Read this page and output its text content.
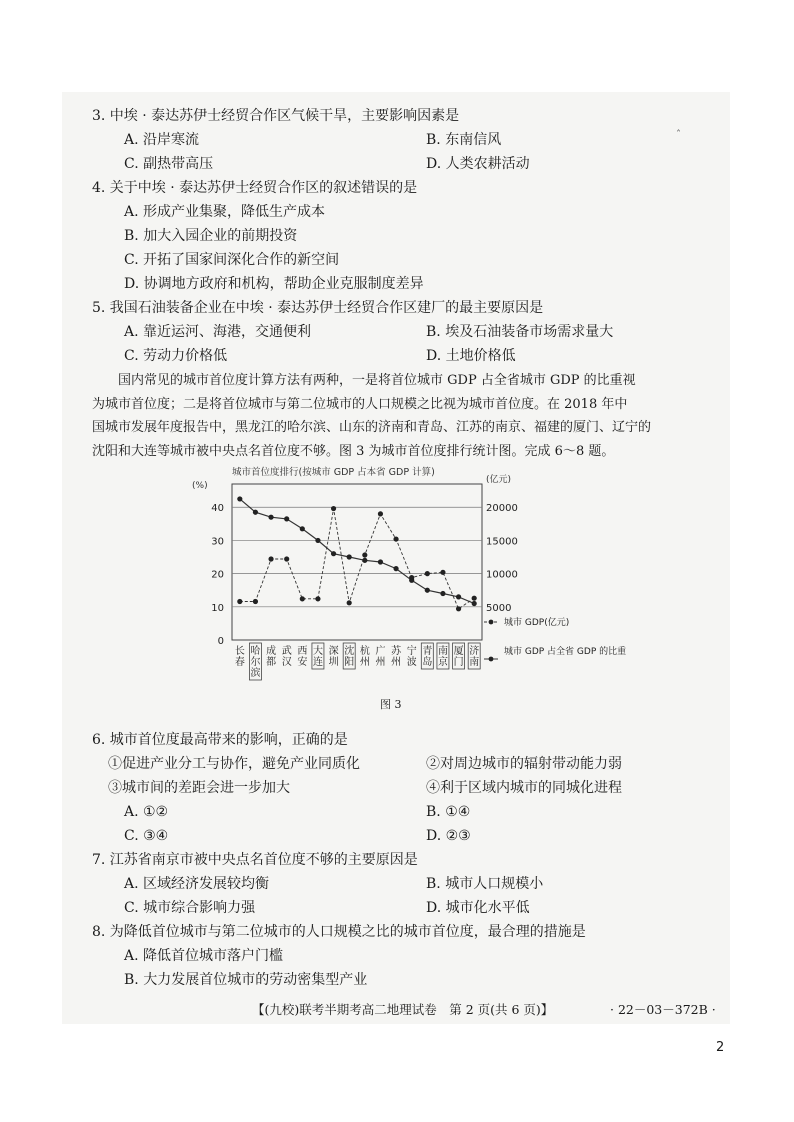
ˆ
3. 中埃 · 泰达苏伊士经贸合作区气候干旱，主要影响因素是
A. 沿岸寒流	B. 东南信风
C. 副热带高压	D. 人类农耕活动
4. 关于中埃 · 泰达苏伊士经贸合作区的叙述错误的是
A. 形成产业集聚，降低生产成本
B. 加大入园企业的前期投资
C. 开拓了国家间深化合作的新空间
D. 协调地方政府和机构，帮助企业克服制度差异
5. 我国石油装备企业在中埃 · 泰达苏伊士经贸合作区建厂的最主要原因是
A. 靠近运河、海港，交通便利	B. 埃及石油装备市场需求量大
C. 劳动力价格低	D. 土地价格低
国内常见的城市首位度计算方法有两种，一是将首位城市 GDP 占全省城市 GDP 的比重视
为城市首位度；二是将首位城市与第二位城市的人口规模之比视为城市首位度。在 2018 年中
国城市发展年度报告中，黑龙江的哈尔滨、山东的济南和青岛、江苏的南京、福建的厦门、辽宁的
沈阳和大连等城市被中央点名首位度不够。图 3 为城市首位度排行统计图。完成 6～8 题。
城市首位度排行(按城市 GDP 占本省 GDP 计算)
(%)
(亿元)
0
10
20
30
40
5000
10000
15000
20000
长
春
哈
尔
滨
成
都
武
汉
西
安
大
连
深
圳
沈
阳
杭
州
广
州
苏
州
宁
波
青
岛
南
京
厦
门
济
南
城市 GDP(亿元)
城市 GDP 占全省 GDP 的比重
图 3
6. 城市首位度最高带来的影响，正确的是
①促进产业分工与协作，避免产业同质化	②对周边城市的辐射带动能力弱
③城市间的差距会进一步加大	④利于区域内城市的同城化进程
A. ①②	B. ①④
C. ③④	D. ②③
7. 江苏省南京市被中央点名首位度不够的主要原因是
A. 区域经济发展较均衡	B. 城市人口规模小
C. 城市综合影响力强	D. 城市化水平低
8. 为降低首位城市与第二位城市的人口规模之比的城市首位度，最合理的措施是
A. 降低首位城市落户门槛
B. 大力发展首位城市的劳动密集型产业
【(九校)联考半期考高二地理试卷　第 2 页(共 6 页)】	· 22－03－372B ·
2
